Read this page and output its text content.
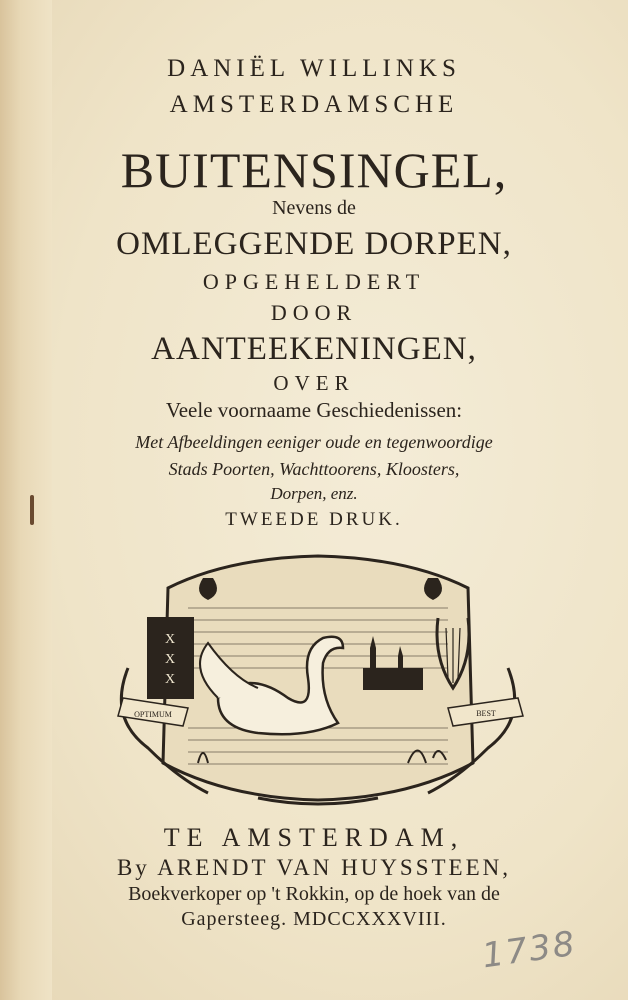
DANIËL WILLINKS
AMSTERDAMSCHE
BUITENSINGEL,
Nevens de
OMLEGGENDE DORPEN,
OPGEHELDERT
DOOR
AANTEEKENINGEN,
OVER
Veele voornaame Geschiedenissen:
Met Afbeeldingen eeniger oude en tegenwoordige
Stads Poorten, Wachttoorens, Kloosters,
Dorpen, enz.
TWEEDE DRUK.
X
X
X
OPTIMUM	BEST
TE AMSTERDAM,
By ARENDT VAN HUYSSTEEN,
Boekverkoper op 't Rokkin, op de hoek van de
Gapersteeg. MDCCXXXVIII.
1738
